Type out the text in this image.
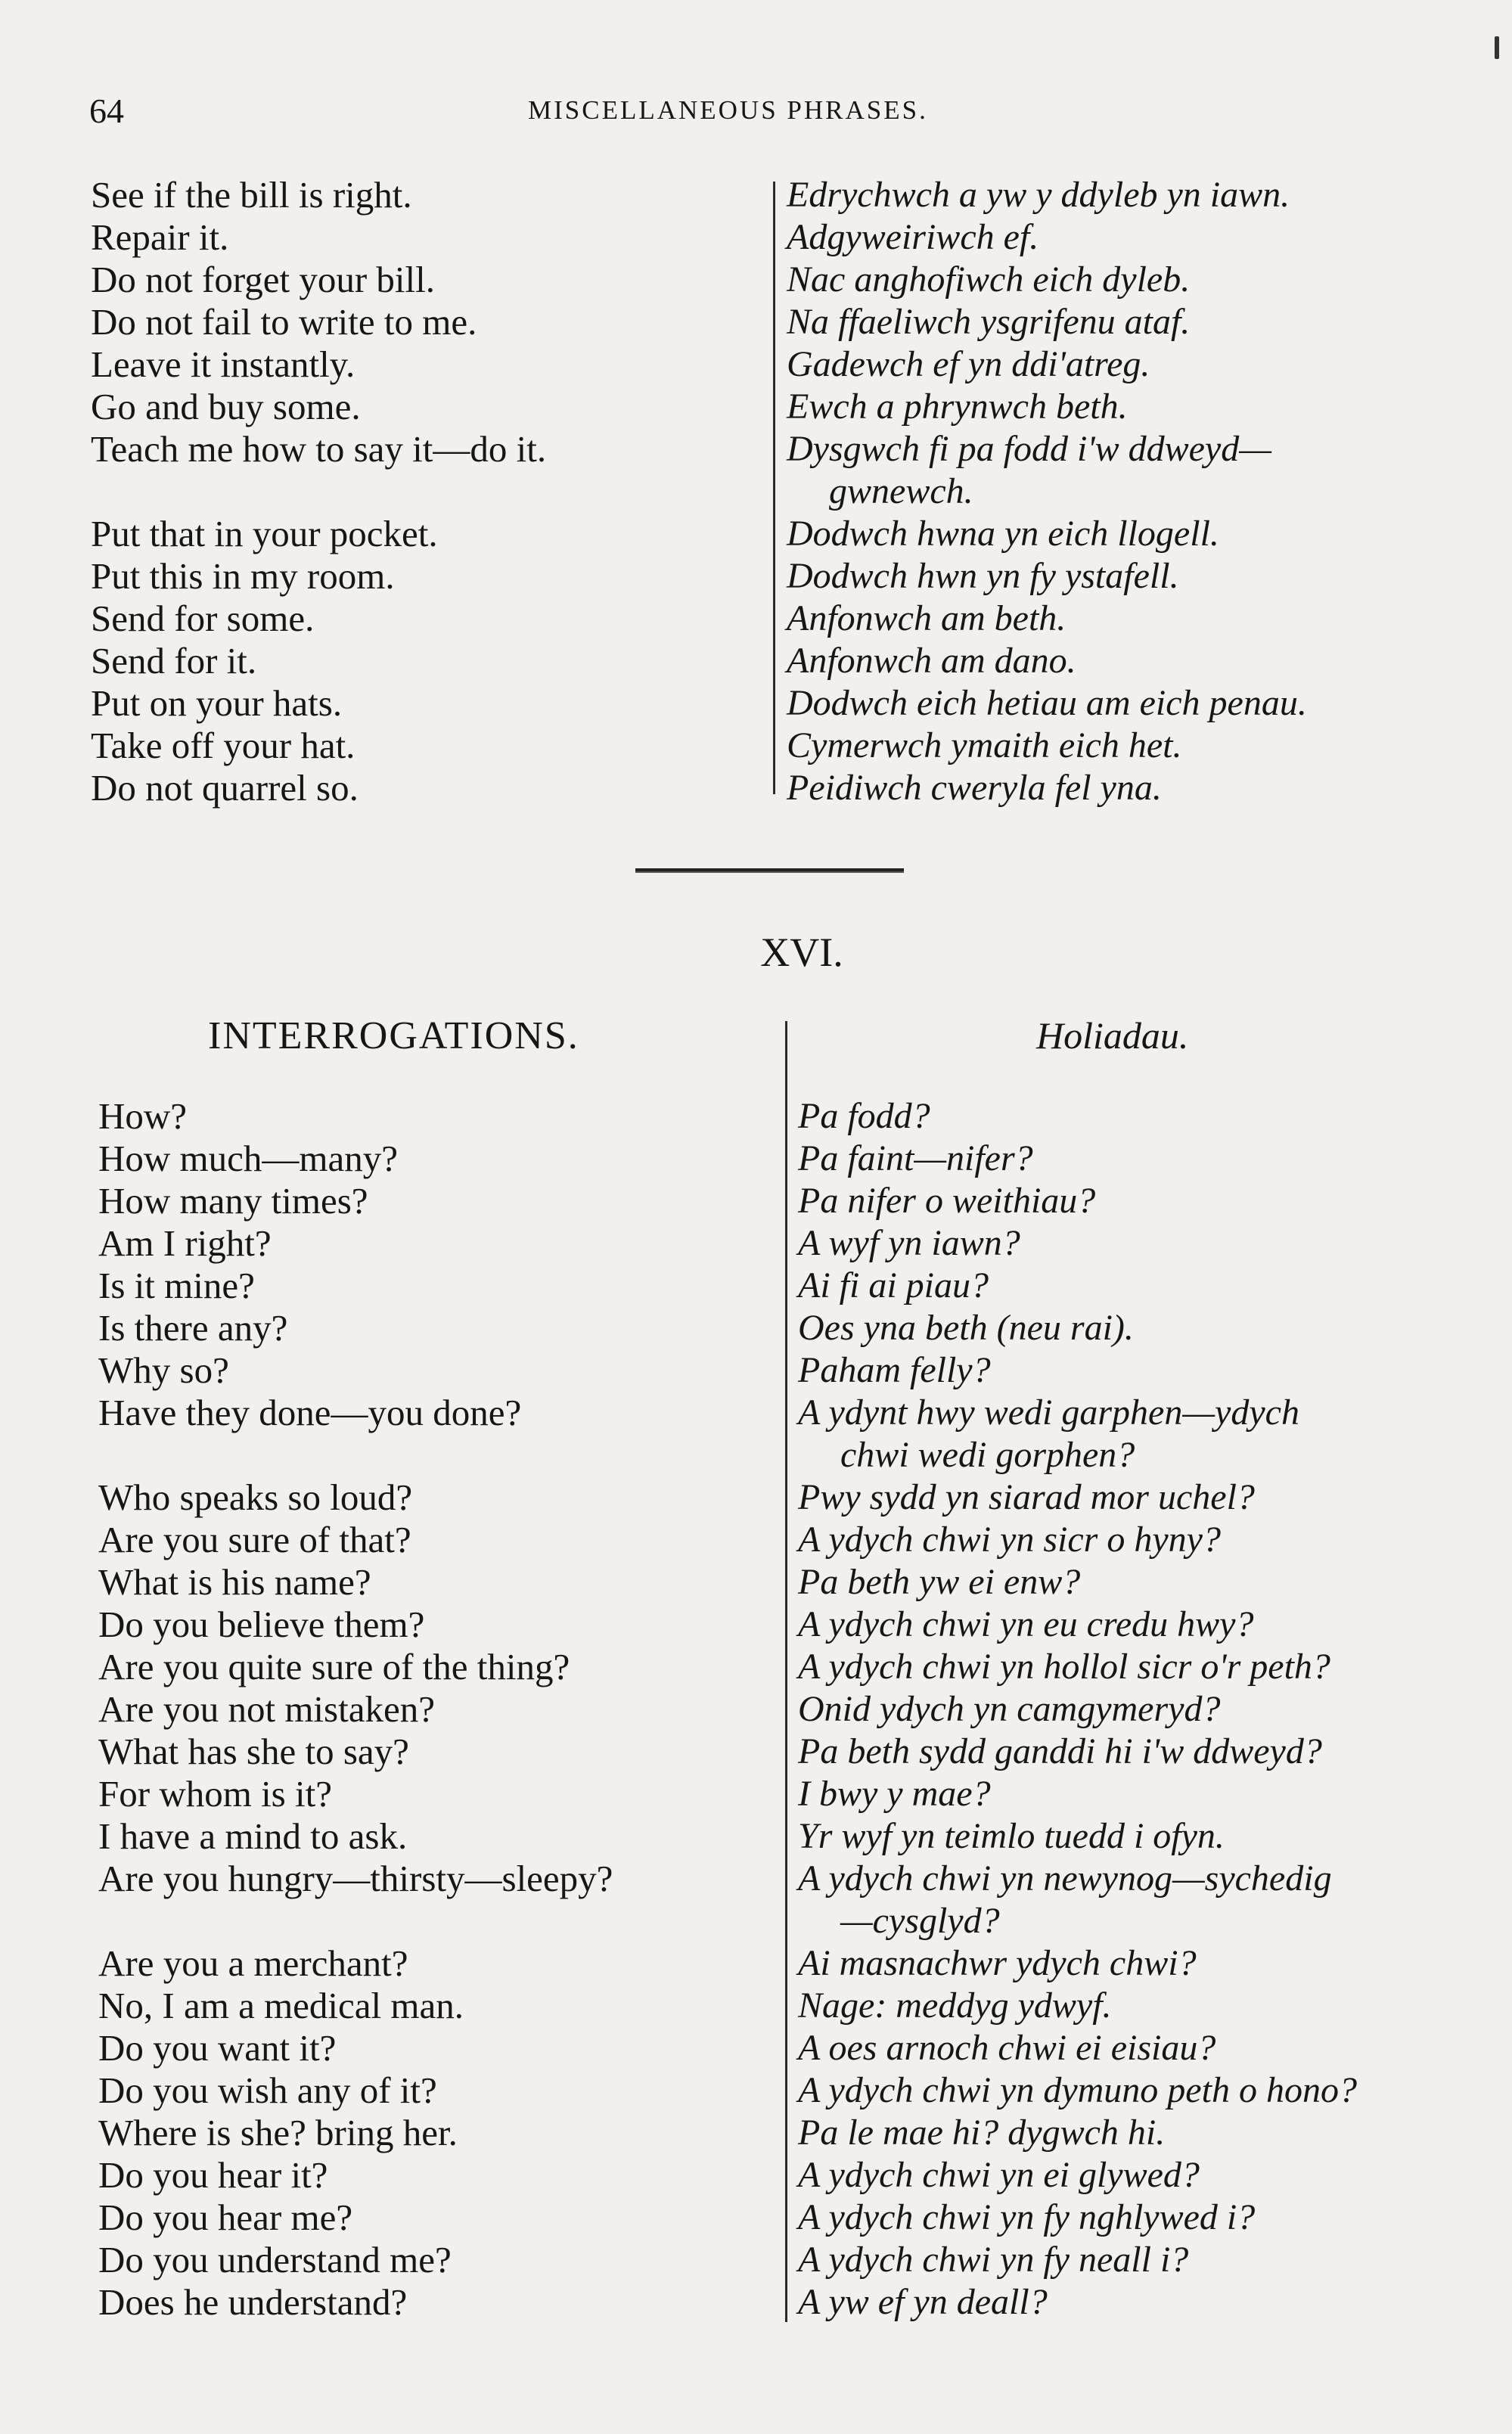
64	MISCELLANEOUS PHRASES.
See if the bill is right.
Repair it.
Do not forget your bill.
Do not fail to write to me.
Leave it instantly.
Go and buy some.
Teach me how to say it—do it.
Put that in your pocket.
Put this in my room.
Send for some.
Send for it.
Put on your hats.
Take off your hat.
Do not quarrel so.
Edrychwch a yw y ddyleb yn iawn.
Adgyweiriwch ef.
Nac anghofiwch eich dyleb.
Na ffaeliwch ysgrifenu ataf.
Gadewch ef yn ddi'atreg.
Ewch a phrynwch beth.
Dysgwch fi pa fodd i'w ddweyd—
gwnewch.
Dodwch hwna yn eich llogell.
Dodwch hwn yn fy ystafell.
Anfonwch am beth.
Anfonwch am dano.
Dodwch eich hetiau am eich penau.
Cymerwch ymaith eich het.
Peidiwch cweryla fel yna.
XVI.
INTERROGATIONS.	Holiadau.
How?
How much—many?
How many times?
Am I right?
Is it mine?
Is there any?
Why so?
Have they done—you done?
Who speaks so loud?
Are you sure of that?
What is his name?
Do you believe them?
Are you quite sure of the thing?
Are you not mistaken?
What has she to say?
For whom is it?
I have a mind to ask.
Are you hungry—thirsty—sleepy?
Are you a merchant?
No, I am a medical man.
Do you want it?
Do you wish any of it?
Where is she? bring her.
Do you hear it?
Do you hear me?
Do you understand me?
Does he understand?
Pa fodd?
Pa faint—nifer?
Pa nifer o weithiau?
A wyf yn iawn?
Ai fi ai piau?
Oes yna beth (neu rai).
Paham felly?
A ydynt hwy wedi garphen—ydych
chwi wedi gorphen?
Pwy sydd yn siarad mor uchel?
A ydych chwi yn sicr o hyny?
Pa beth yw ei enw?
A ydych chwi yn eu credu hwy?
A ydych chwi yn hollol sicr o'r peth?
Onid ydych yn camgymeryd?
Pa beth sydd ganddi hi i'w ddweyd?
I bwy y mae?
Yr wyf yn teimlo tuedd i ofyn.
A ydych chwi yn newynog—sychedig
—cysglyd?
Ai masnachwr ydych chwi?
Nage: meddyg ydwyf.
A oes arnoch chwi ei eisiau?
A ydych chwi yn dymuno peth o hono?
Pa le mae hi? dygwch hi.
A ydych chwi yn ei glywed?
A ydych chwi yn fy nghlywed i?
A ydych chwi yn fy neall i?
A yw ef yn deall?
